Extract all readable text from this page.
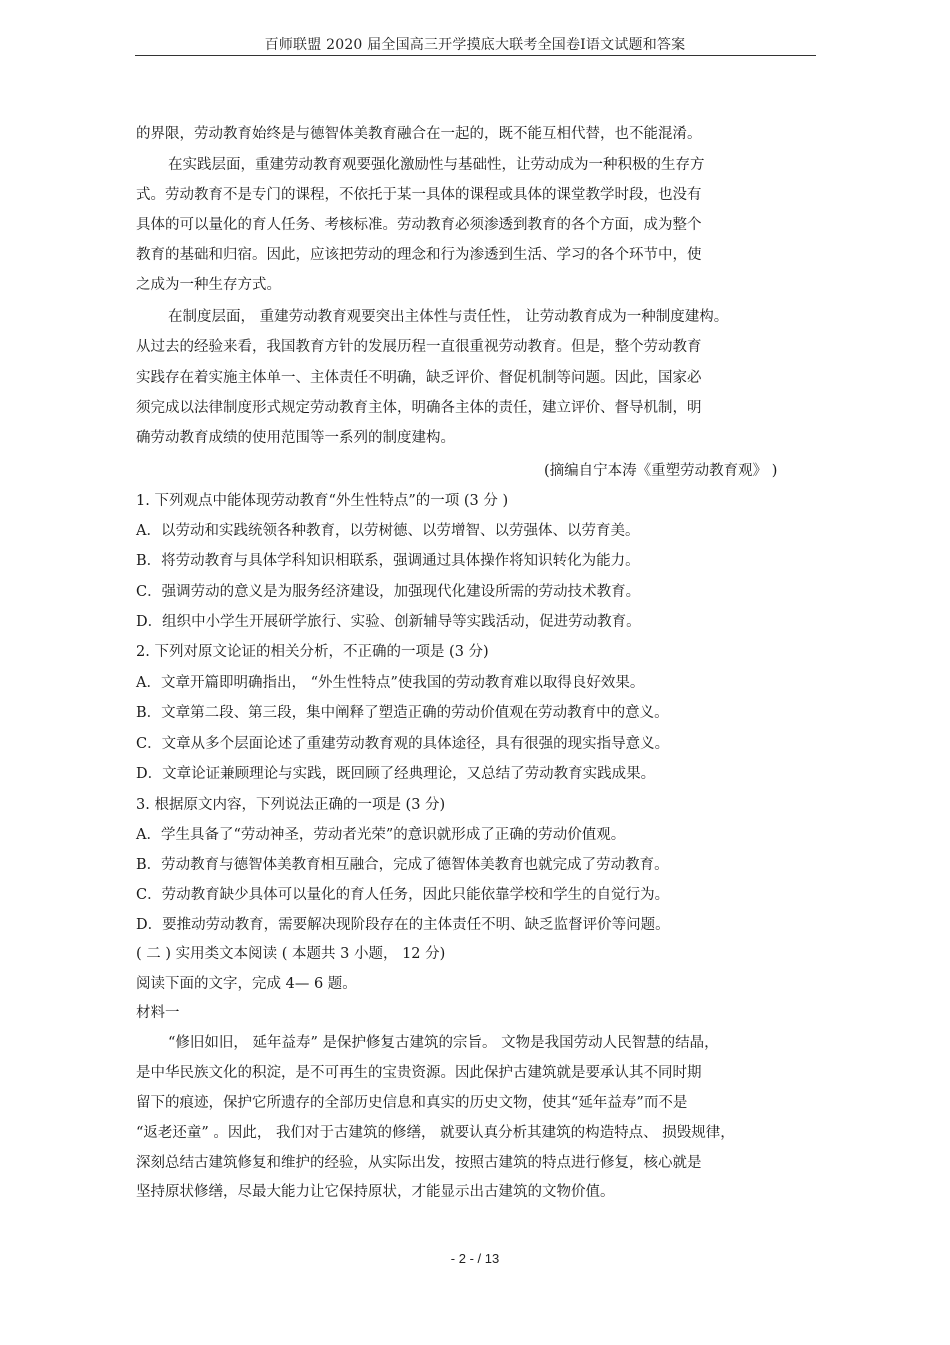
百师联盟 2020 届全国高三开学摸底大联考全国卷Ⅰ语文试题和答案
的界限，劳动教育始终是与德智体美教育融合在一起的，既不能互相代替，也不能混淆。
在实践层面，重建劳动教育观要强化激励性与基础性，让劳动成为一种积极的生存方
式。劳动教育不是专门的课程，不依托于某一具体的课程或具体的课堂教学时段，也没有
具体的可以量化的育人任务、考核标准。劳动教育必须渗透到教育的各个方面，成为整个
教育的基础和归宿。因此，应该把劳动的理念和行为渗透到生活、学习的各个环节中，使
之成为一种生存方式。
在制度层面， 重建劳动教育观要突出主体性与责任性， 让劳动教育成为一种制度建构。
从过去的经验来看，我国教育方针的发展历程一直很重视劳动教育。但是，整个劳动教育
实践存在着实施主体单一、主体责任不明确，缺乏评价、督促机制等问题。因此，国家必
须完成以法律制度形式规定劳动教育主体，明确各主体的责任，建立评价、督导机制，明
确劳动教育成绩的使用范围等一系列的制度建构。
(摘编自宁本涛《重塑劳动教育观》 )
1. 下列观点中能体现劳动教育“外生性特点”的一项 (3 分 )
A．以劳动和实践统领各种教育，以劳树德、以劳增智、以劳强体、以劳育美。
B．将劳动教育与具体学科知识相联系，强调通过具体操作将知识转化为能力。
C．强调劳动的意义是为服务经济建设，加强现代化建设所需的劳动技术教育。
D．组织中小学生开展研学旅行、实验、创新辅导等实践活动，促进劳动教育。
2. 下列对原文论证的相关分析，不正确的一项是 (3 分)
A．文章开篇即明确指出， “外生性特点”使我国的劳动教育难以取得良好效果。
B．文章第二段、第三段，集中阐释了塑造正确的劳动价值观在劳动教育中的意义。
C．文章从多个层面论述了重建劳动教育观的具体途径，具有很强的现实指导意义。
D．文章论证兼顾理论与实践，既回顾了经典理论，又总结了劳动教育实践成果。
3. 根据原文内容，下列说法正确的一项是 (3 分)
A．学生具备了“劳动神圣，劳动者光荣”的意识就形成了正确的劳动价值观。
B．劳动教育与德智体美教育相互融合，完成了德智体美教育也就完成了劳动教育。
C．劳动教育缺少具体可以量化的育人任务，因此只能依靠学校和学生的自觉行为。
D．要推动劳动教育，需要解决现阶段存在的主体责任不明、缺乏监督评价等问题。
( 二 ) 实用类文本阅读 ( 本题共 3 小题， 12 分)
阅读下面的文字，完成 4— 6 题。
材料一
“修旧如旧， 延年益寿” 是保护修复古建筑的宗旨。 文物是我国劳动人民智慧的结晶，
是中华民族文化的积淀，是不可再生的宝贵资源。因此保护古建筑就是要承认其不同时期
留下的痕迹，保护它所遗存的全部历史信息和真实的历史文物，使其“延年益寿”而不是
“返老还童” 。因此， 我们对于古建筑的修缮， 就要认真分析其建筑的构造特点、 损毁规律，
深刻总结古建筑修复和维护的经验，从实际出发，按照古建筑的特点进行修复，核心就是
坚持原状修缮，尽最大能力让它保持原状，才能显示出古建筑的文物价值。
- 2 - / 13
